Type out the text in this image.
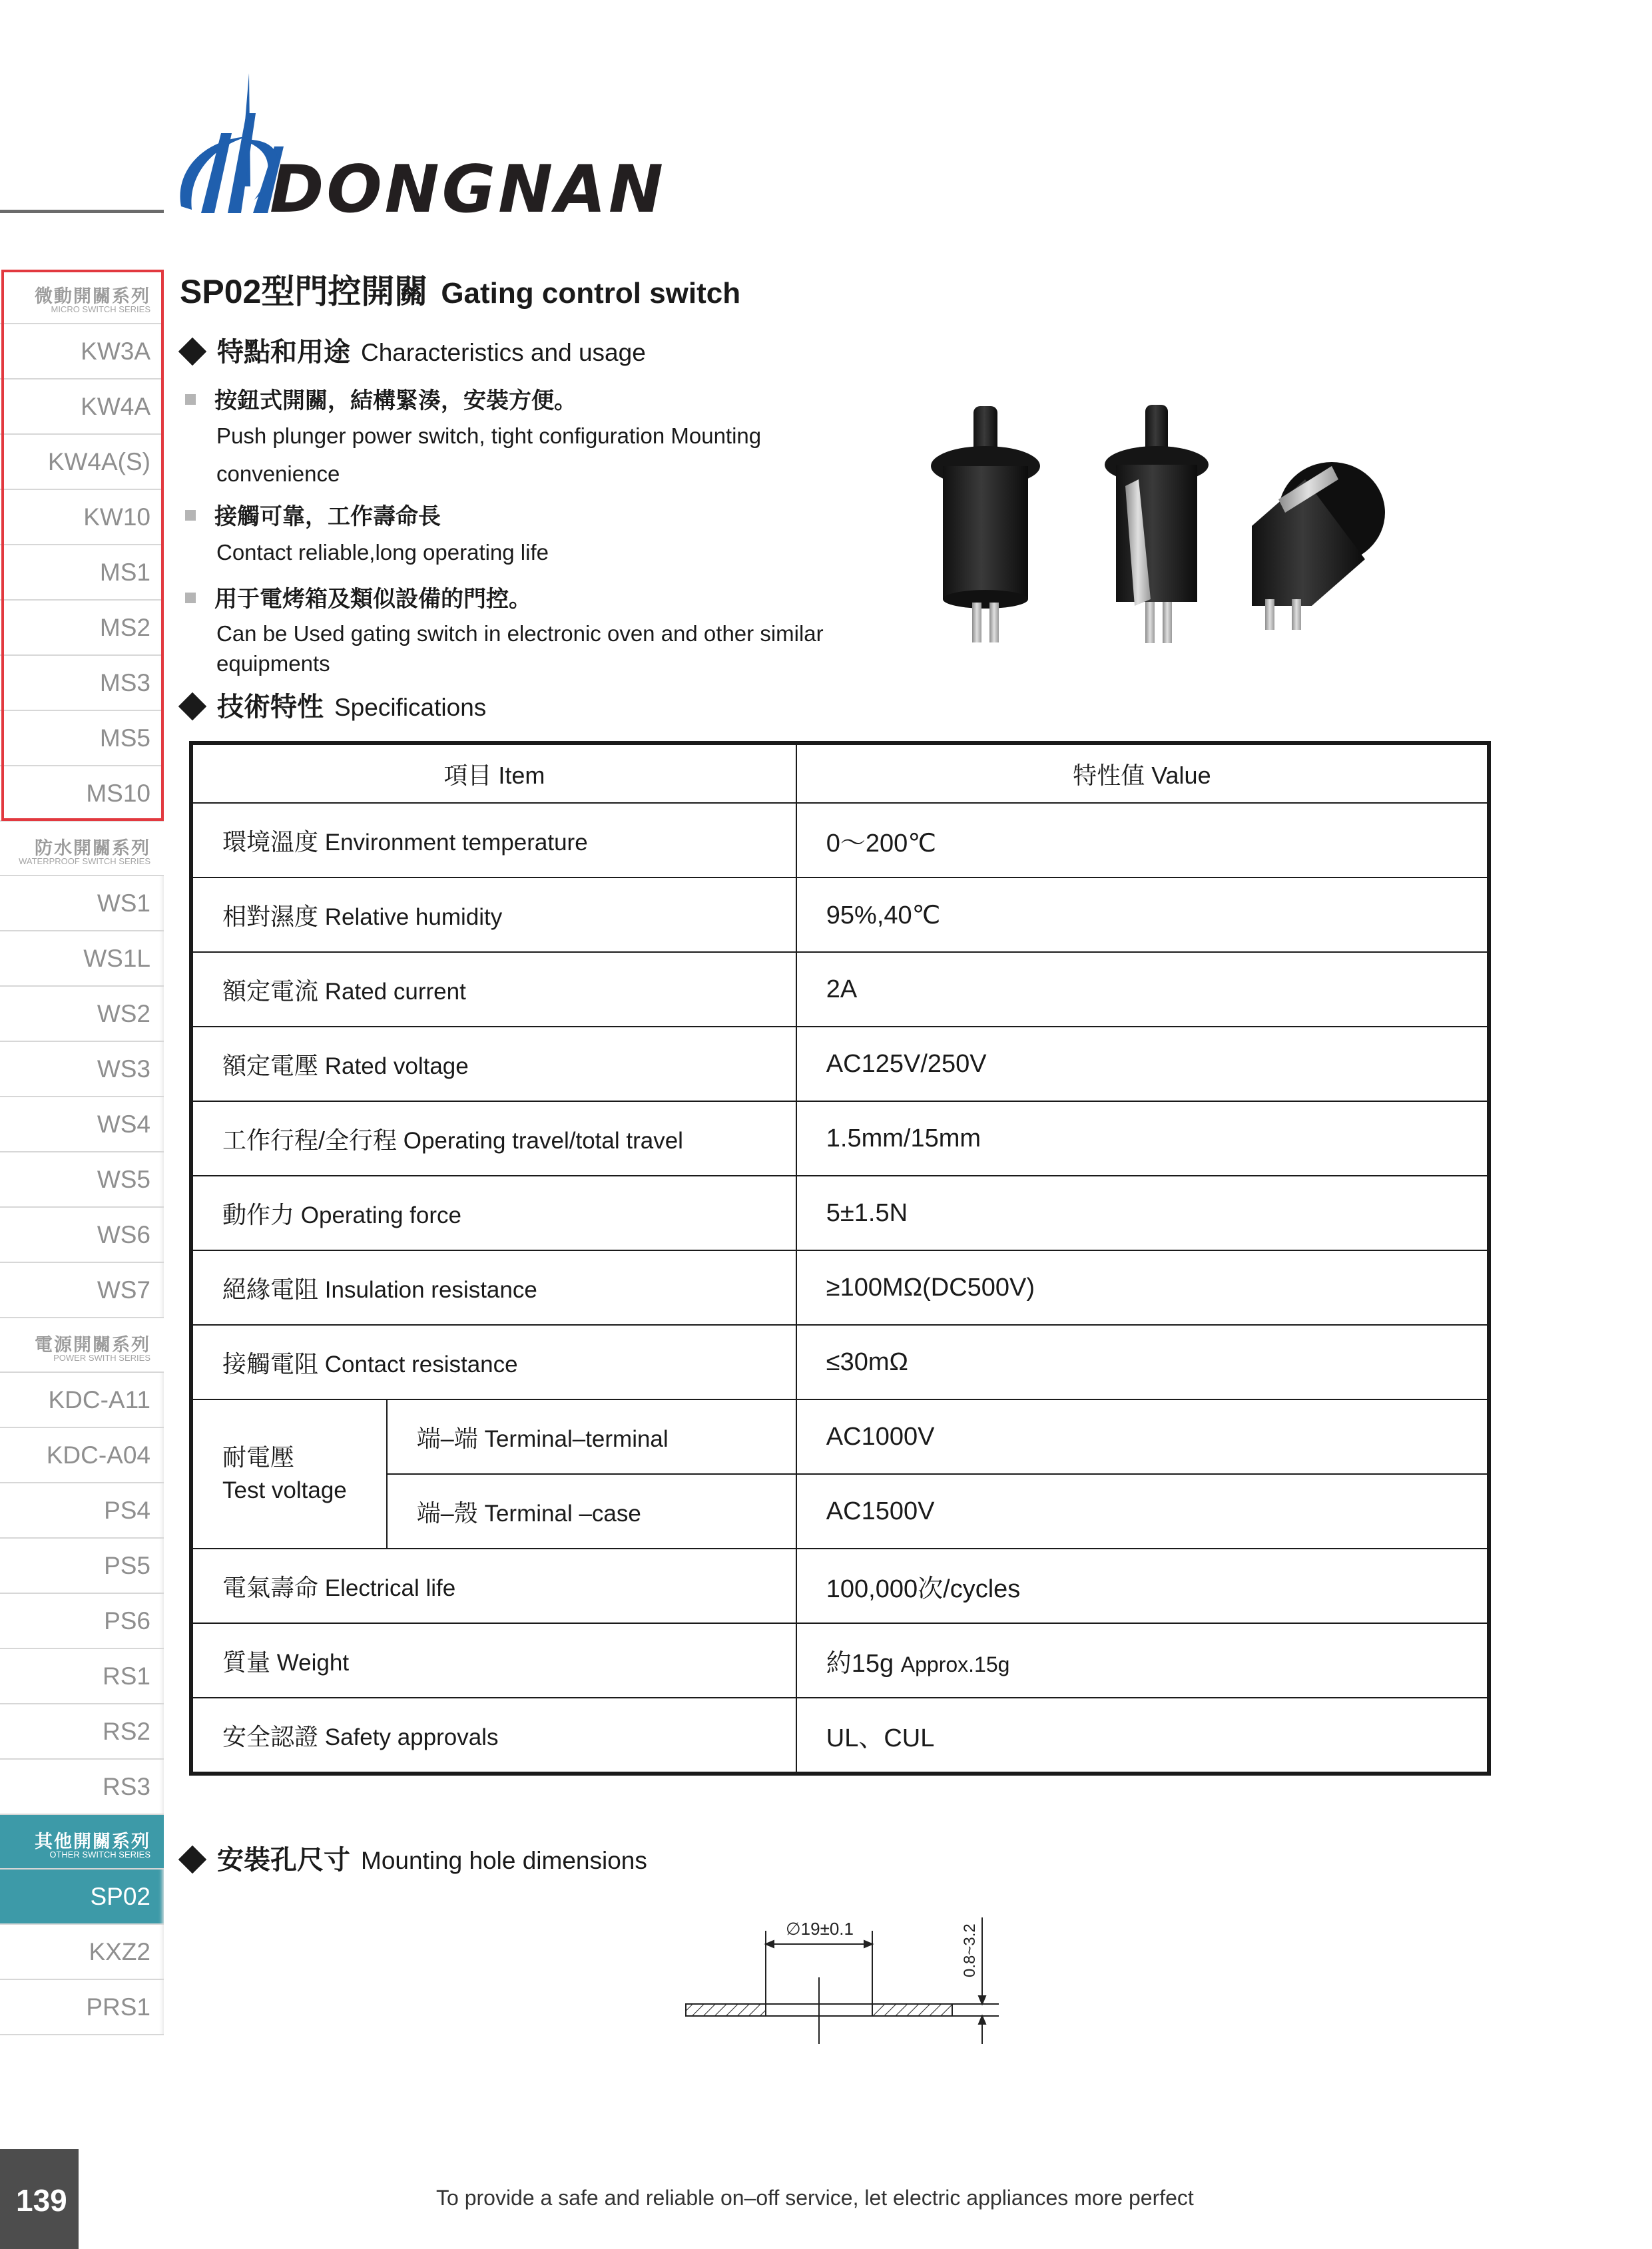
DONGNAN
微動開關系列
MICRO SWITCH SERIES
KW3A
KW4A
KW4A(S)
KW10
MS1
MS2
MS3
MS5
MS10
防水開關系列
WATERPROOF SWITCH SERIES
WS1
WS1L
WS2
WS3
WS4
WS5
WS6
WS7
電源開關系列
POWER SWITH SERIES
KDC-A11
KDC-A04
PS4
PS5
PS6
RS1
RS2
RS3
其他開關系列
OTHER SWITCH SERIES
SP02
KXZ2
PRS1
139
SP02型門控開關 Gating control switch
特點和用途 Characteristics and usage
按鈕式開關，結構緊湊，安裝方便。
Push plunger power switch, tight configuration Mounting
convenience
接觸可靠，工作壽命長
Contact reliable,long operating life
用于電烤箱及類似設備的門控。
Can be Used gating switch in electronic oven and other similar
equipments
技術特性 Specifications
項目 Item		特性值 Value
環境溫度 Environment temperature		0～200℃
相對濕度 Relative humidity		95%,40℃
額定電流 Rated current		2A
額定電壓 Rated voltage		AC125V/250V
工作行程/全行程 Operating travel/total travel		1.5mm/15mm
動作力 Operating force		5±1.5N
絕緣電阻 Insulation resistance		≥100MΩ(DC500V)
接觸電阻 Contact resistance		≤30mΩ

耐電壓
Test voltage	端–端 Terminal–terminal	AC1000V
	端–殼 Terminal –case	AC1500V
電氣壽命 Electrical life		100,000次/cycles
質量 Weight		約15g Approx.15g
安全認證 Safety approvals		UL、CUL
安裝孔尺寸 Mounting hole dimensions
∅19±0.1	0.8~3.2
To provide a safe and reliable on–off service, let electric appliances more perfect
